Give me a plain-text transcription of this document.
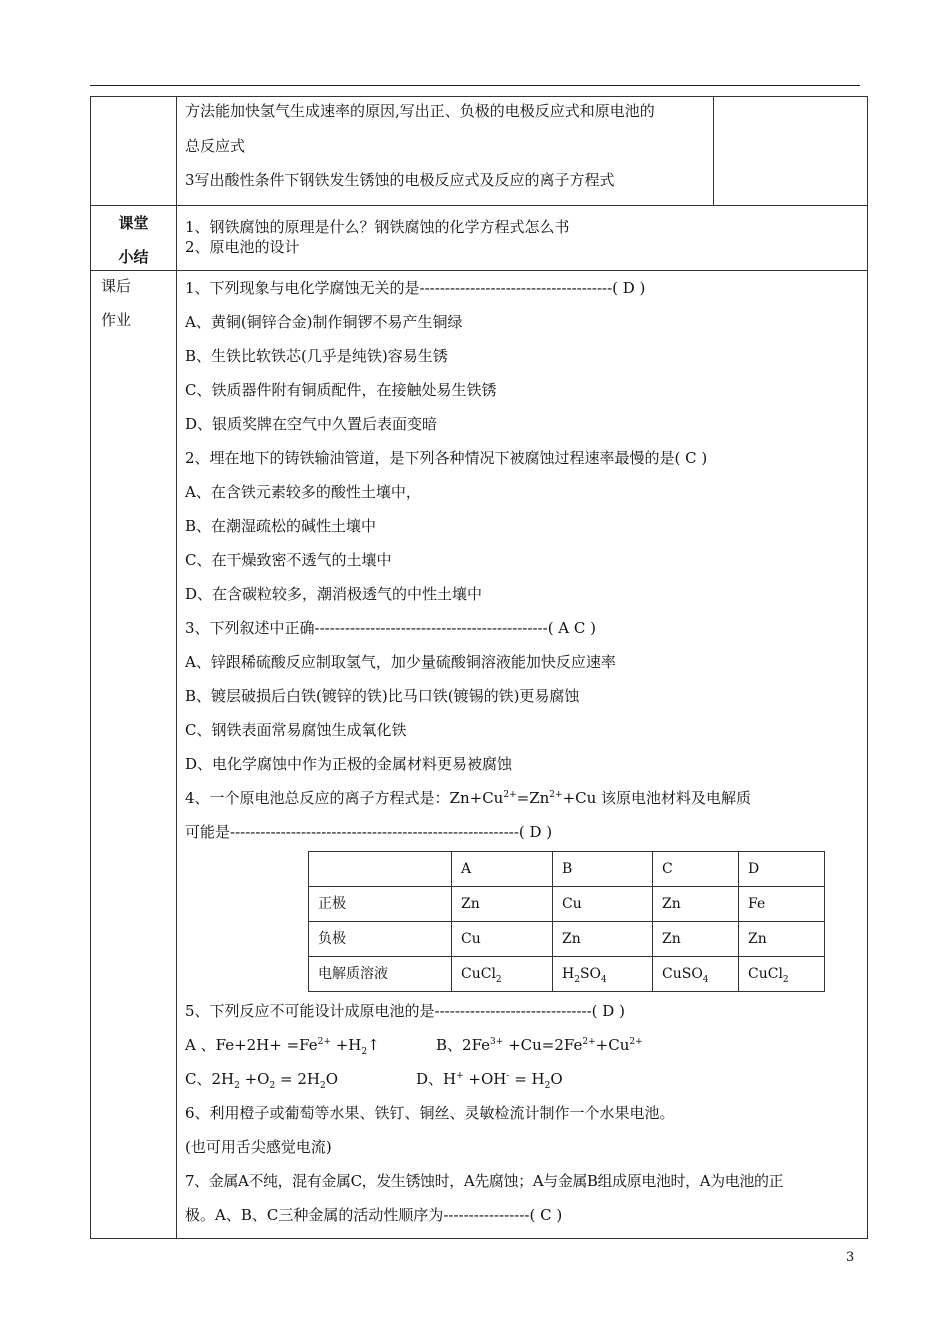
方法能加快氢气生成速率的原因,写出正、负极的电极反应式和原电池的
总反应式
3写出酸性条件下钢铁发生锈蚀的电极反应式及反应的离子方程式

课堂
小结

1、钢铁腐蚀的原理是什么？钢铁腐蚀的化学方程式怎么书
2、原电池的设计

课后
作业

1、下列现象与电化学腐蚀无关的是--------------------------------------( D )
A、黄铜(铜锌合金)制作铜锣不易产生铜绿
B、生铁比软铁芯(几乎是纯铁)容易生锈
C、铁质器件附有铜质配件，在接触处易生铁锈
D、银质奖牌在空气中久置后表面变暗
2、埋在地下的铸铁输油管道，是下列各种情况下被腐蚀过程速率最慢的是( C )
A、在含铁元素较多的酸性土壤中，
B、在潮湿疏松的碱性土壤中
C、在干燥致密不透气的土壤中
D、在含碳粒较多，潮消极透气的中性土壤中
3、下列叙述中正确----------------------------------------------( A C )
A、锌跟稀硫酸反应制取氢气，加少量硫酸铜溶液能加快反应速率
B、镀层破损后白铁(镀锌的铁)比马口铁(镀锡的铁)更易腐蚀
C、钢铁表面常易腐蚀生成氧化铁
D、电化学腐蚀中作为正极的金属材料更易被腐蚀
4、一个原电池总反应的离子方程式是：$Zn+Cu^{2+}=Zn^{2+}+Cu$ 该原电池材料及电解质
可能是---------------------------------------------------------( D )
	A	B	C	D
正极	Zn	Cu	Zn	Fe
负极	Cu	Zn	Zn	Zn
电解质溶液	CuCl$_2$	$H_2SO_4$	CuSO$_4$	CuCl$_2$
5、下列反应不可能设计成原电池的是-------------------------------( D )
A 、$Fe+2H+ =Fe^{2+}$ $+H_2↑$	B、$2Fe^{3+} +Cu=2Fe^{2+}+Cu^{2+}$
C、$2H_2 +O_2 = 2H_2O$	D、$H^+ +OH^- = H_2O$
6、利用橙子或葡萄等水果、铁钉、铜丝、灵敏检流计制作一个水果电池。
(也可用舌尖感觉电流)
7、金属A不纯，混有金属C，发生锈蚀时，A先腐蚀；A与金属B组成原电池时，A为电池的正
极。A、B、C三种金属的活动性顺序为-----------------( C )
3
